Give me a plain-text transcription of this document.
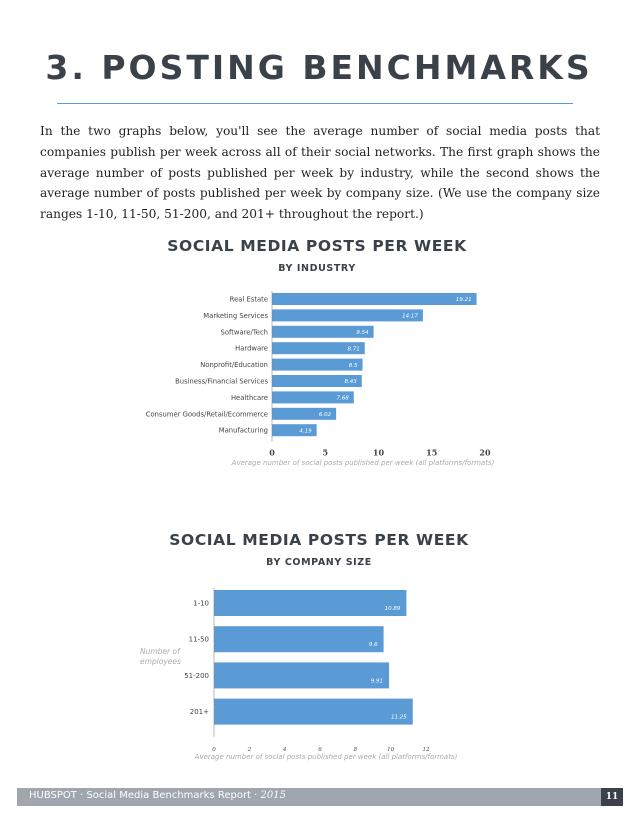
3. POSTING BENCHMARKS

In the two graphs below, you'll see the average number of social media posts that companies publish per week across all of their social networks. The first graph shows the average number of posts published per week by industry, while the second shows the average number of posts published per week by company size. (We use the company size ranges 1-10, 11-50, 51-200, and 201+ throughout the report.)

SOCIAL MEDIA POSTS PER WEEK
BY INDUSTRY
Real Estate
Marketing Services
Software/Tech
Hardware
Nonprofit/Education
Business/Financial Services
Healthcare
Consumer Goods/Retail/Ecommerce
Manufacturing
19.21
14.17
9.54
8.71
8.5
8.43
7.68
6.02
4.19
0	5	10	15	20
Average number of social posts published per week (all platforms/formats)
SOCIAL MEDIA POSTS PER WEEK
BY COMPANY SIZE
Number of employees
1-10
11-50
51-200
201+
10.89
9.6
9.91
11.25
0	2	4	6	8	10	12
Average number of social posts published per week (all platforms/formats)
HUBSPOT · Social Media Benchmarks Report · 2015	11
